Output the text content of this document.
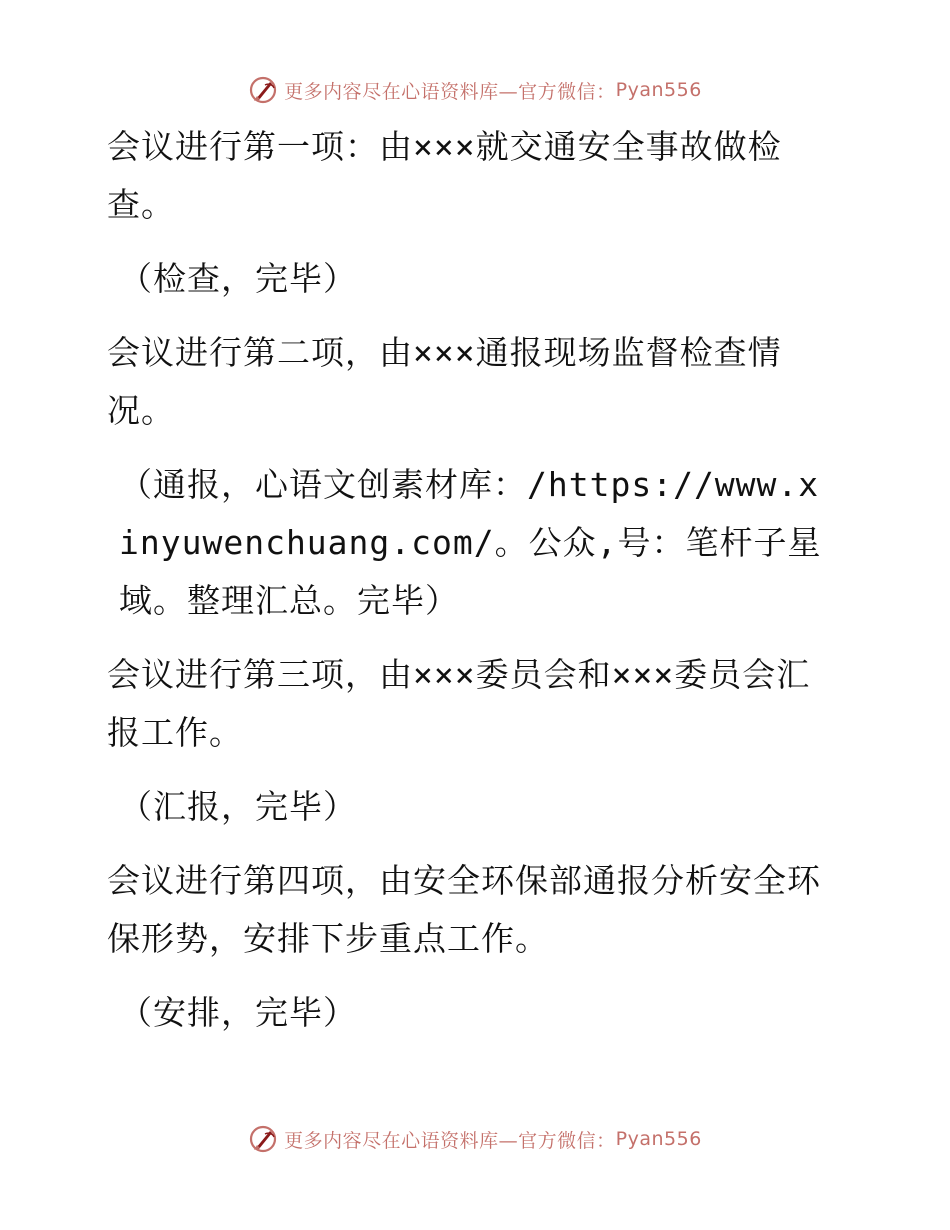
更多内容尽在心语资料库—官方微信： Pyan556

会议进行第一项：由×××就交通安全事故做检查。

（检查，完毕）

会议进行第二项，由×××通报现场监督检查情况。

（通报，心语文创素材库：/https://www.xinyuwenchuang.com/。公众,号：笔杆子星域。整理汇总。完毕）

会议进行第三项，由×××委员会和×××委员会汇报工作。

（汇报，完毕）

会议进行第四项，由安全环保部通报分析安全环保形势，安排下步重点工作。

（安排，完毕）

更多内容尽在心语资料库—官方微信： Pyan556
